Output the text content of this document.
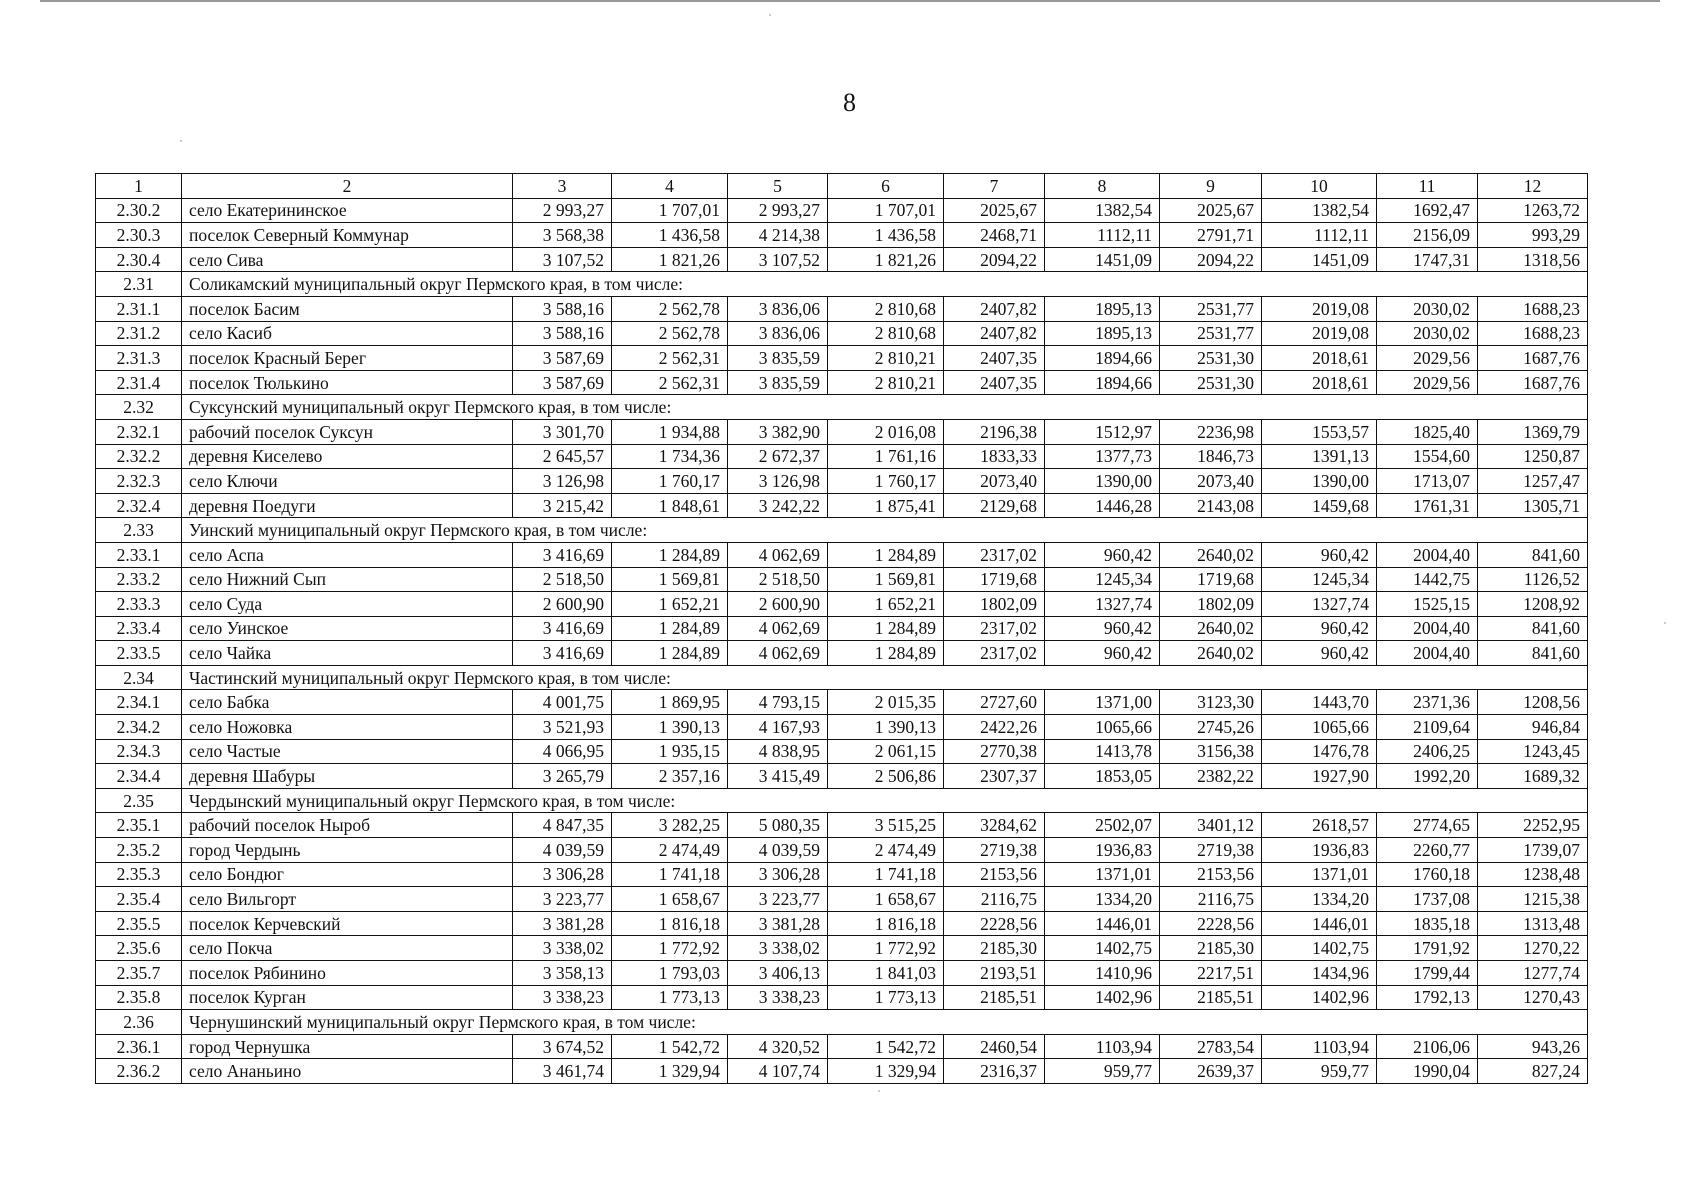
8
1	2	3	4	5	6	7	8	9	10	11	12
2.30.2	село Екатерининское	2 993,27	1 707,01	2 993,27	1 707,01	2025,67	1382,54	2025,67	1382,54	1692,47	1263,72
2.30.3	поселок Северный Коммунар	3 568,38	1 436,58	4 214,38	1 436,58	2468,71	1112,11	2791,71	1112,11	2156,09	993,29
2.30.4	село Сива	3 107,52	1 821,26	3 107,52	1 821,26	2094,22	1451,09	2094,22	1451,09	1747,31	1318,56
2.31	Соликамский муниципальный округ Пермского края, в том числе:										
2.31.1	поселок Басим	3 588,16	2 562,78	3 836,06	2 810,68	2407,82	1895,13	2531,77	2019,08	2030,02	1688,23
2.31.2	село Касиб	3 588,16	2 562,78	3 836,06	2 810,68	2407,82	1895,13	2531,77	2019,08	2030,02	1688,23
2.31.3	поселок Красный Берег	3 587,69	2 562,31	3 835,59	2 810,21	2407,35	1894,66	2531,30	2018,61	2029,56	1687,76
2.31.4	поселок Тюлькино	3 587,69	2 562,31	3 835,59	2 810,21	2407,35	1894,66	2531,30	2018,61	2029,56	1687,76
2.32	Суксунский муниципальный округ Пермского края, в том числе:										
2.32.1	рабочий поселок Суксун	3 301,70	1 934,88	3 382,90	2 016,08	2196,38	1512,97	2236,98	1553,57	1825,40	1369,79
2.32.2	деревня Киселево	2 645,57	1 734,36	2 672,37	1 761,16	1833,33	1377,73	1846,73	1391,13	1554,60	1250,87
2.32.3	село Ключи	3 126,98	1 760,17	3 126,98	1 760,17	2073,40	1390,00	2073,40	1390,00	1713,07	1257,47
2.32.4	деревня Поедуги	3 215,42	1 848,61	3 242,22	1 875,41	2129,68	1446,28	2143,08	1459,68	1761,31	1305,71
2.33	Уинский муниципальный округ Пермского края, в том числе:										
2.33.1	село Аспа	3 416,69	1 284,89	4 062,69	1 284,89	2317,02	960,42	2640,02	960,42	2004,40	841,60
2.33.2	село Нижний Сып	2 518,50	1 569,81	2 518,50	1 569,81	1719,68	1245,34	1719,68	1245,34	1442,75	1126,52
2.33.3	село Суда	2 600,90	1 652,21	2 600,90	1 652,21	1802,09	1327,74	1802,09	1327,74	1525,15	1208,92
2.33.4	село Уинское	3 416,69	1 284,89	4 062,69	1 284,89	2317,02	960,42	2640,02	960,42	2004,40	841,60
2.33.5	село Чайка	3 416,69	1 284,89	4 062,69	1 284,89	2317,02	960,42	2640,02	960,42	2004,40	841,60
2.34	Частинский муниципальный округ Пермского края, в том числе:										
2.34.1	село Бабка	4 001,75	1 869,95	4 793,15	2 015,35	2727,60	1371,00	3123,30	1443,70	2371,36	1208,56
2.34.2	село Ножовка	3 521,93	1 390,13	4 167,93	1 390,13	2422,26	1065,66	2745,26	1065,66	2109,64	946,84
2.34.3	село Частые	4 066,95	1 935,15	4 838,95	2 061,15	2770,38	1413,78	3156,38	1476,78	2406,25	1243,45
2.34.4	деревня Шабуры	3 265,79	2 357,16	3 415,49	2 506,86	2307,37	1853,05	2382,22	1927,90	1992,20	1689,32
2.35	Чердынский муниципальный округ Пермского края, в том числе:										
2.35.1	рабочий поселок Ныроб	4 847,35	3 282,25	5 080,35	3 515,25	3284,62	2502,07	3401,12	2618,57	2774,65	2252,95
2.35.2	город Чердынь	4 039,59	2 474,49	4 039,59	2 474,49	2719,38	1936,83	2719,38	1936,83	2260,77	1739,07
2.35.3	село Бондюг	3 306,28	1 741,18	3 306,28	1 741,18	2153,56	1371,01	2153,56	1371,01	1760,18	1238,48
2.35.4	село Вильгорт	3 223,77	1 658,67	3 223,77	1 658,67	2116,75	1334,20	2116,75	1334,20	1737,08	1215,38
2.35.5	поселок Керчевский	3 381,28	1 816,18	3 381,28	1 816,18	2228,56	1446,01	2228,56	1446,01	1835,18	1313,48
2.35.6	село Покча	3 338,02	1 772,92	3 338,02	1 772,92	2185,30	1402,75	2185,30	1402,75	1791,92	1270,22
2.35.7	поселок Рябинино	3 358,13	1 793,03	3 406,13	1 841,03	2193,51	1410,96	2217,51	1434,96	1799,44	1277,74
2.35.8	поселок Курган	3 338,23	1 773,13	3 338,23	1 773,13	2185,51	1402,96	2185,51	1402,96	1792,13	1270,43
2.36	Чернушинский муниципальный округ Пермского края, в том числе:										
2.36.1	город Чернушка	3 674,52	1 542,72	4 320,52	1 542,72	2460,54	1103,94	2783,54	1103,94	2106,06	943,26
2.36.2	село Ананьино	3 461,74	1 329,94	4 107,74	1 329,94	2316,37	959,77	2639,37	959,77	1990,04	827,24
